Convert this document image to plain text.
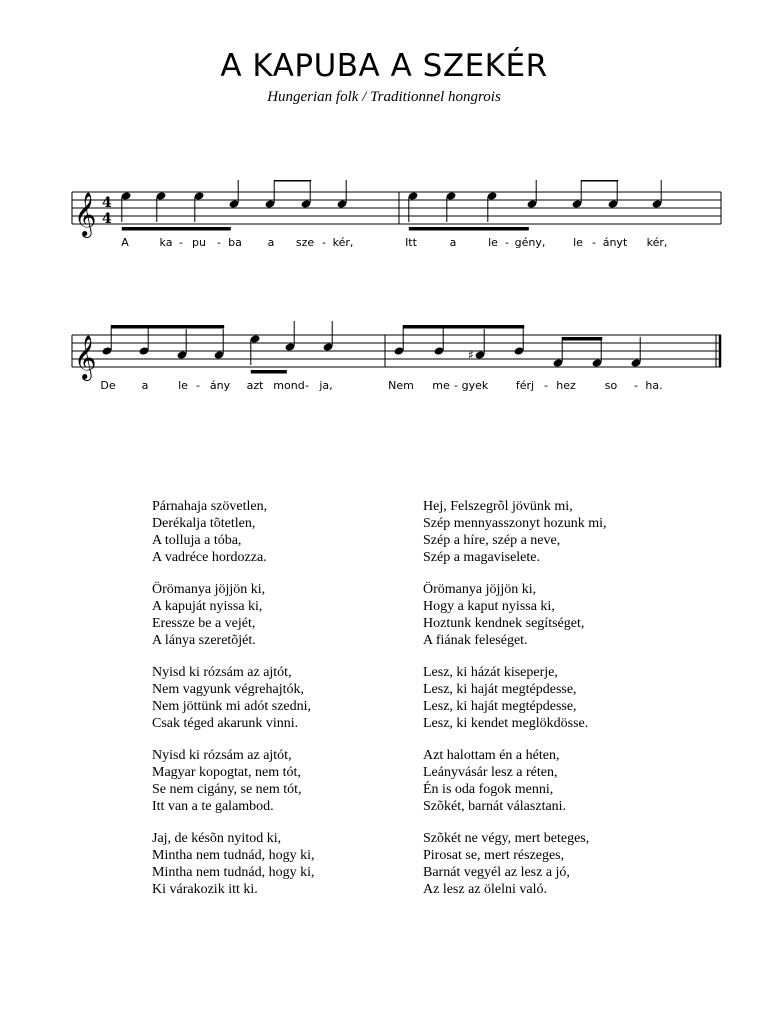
A KAPUBA A SZEKÉR
Hungerian folk / Traditionnel hongrois
𝄞 4
4
A	ka - pu - ba a sze - kér,	Itt	a	le - gény,	le - ányt kér,
𝄞	♯
De a	le - ány azt mond - ja,	Nem me - gyek	férj - hez	so - ha.
Párnahaja szövetlen,
Derékalja tõtetlen,
A tolluja a tóba,
A vadréce hordozza.
Örömanya jöjjön ki,
A kapuját nyissa ki,
Eressze be a vejét,
A lánya szeretõjét.
Nyisd ki rózsám az ajtót,
Nem vagyunk végrehajtók,
Nem jöttünk mi adót szedni,
Csak téged akarunk vinni.
Nyisd ki rózsám az ajtót,
Magyar kopogtat, nem tót,
Se nem cigány, se nem tót,
Itt van a te galambod.
Jaj, de késõn nyitod ki,
Mintha nem tudnád, hogy ki,
Mintha nem tudnád, hogy ki,
Ki várakozik itt ki.
Hej, Felszegrõl jövünk mi,
Szép mennyasszonyt hozunk mi,
Szép a híre, szép a neve,
Szép a magaviselete.
Örömanya jöjjön ki,
Hogy a kaput nyissa ki,
Hoztunk kendnek segítséget,
A fiának feleséget.
Lesz, ki házát kiseperje,
Lesz, ki haját megtépdesse,
Lesz, ki haját megtépdesse,
Lesz, ki kendet meglökdösse.
Azt halottam én a héten,
Leányvásár lesz a réten,
Én is oda fogok menni,
Szõkét, barnát választani.
Szõkét ne végy, mert beteges,
Pirosat se, mert részeges,
Barnát vegyél az lesz a jó,
Az lesz az ölelni való.
